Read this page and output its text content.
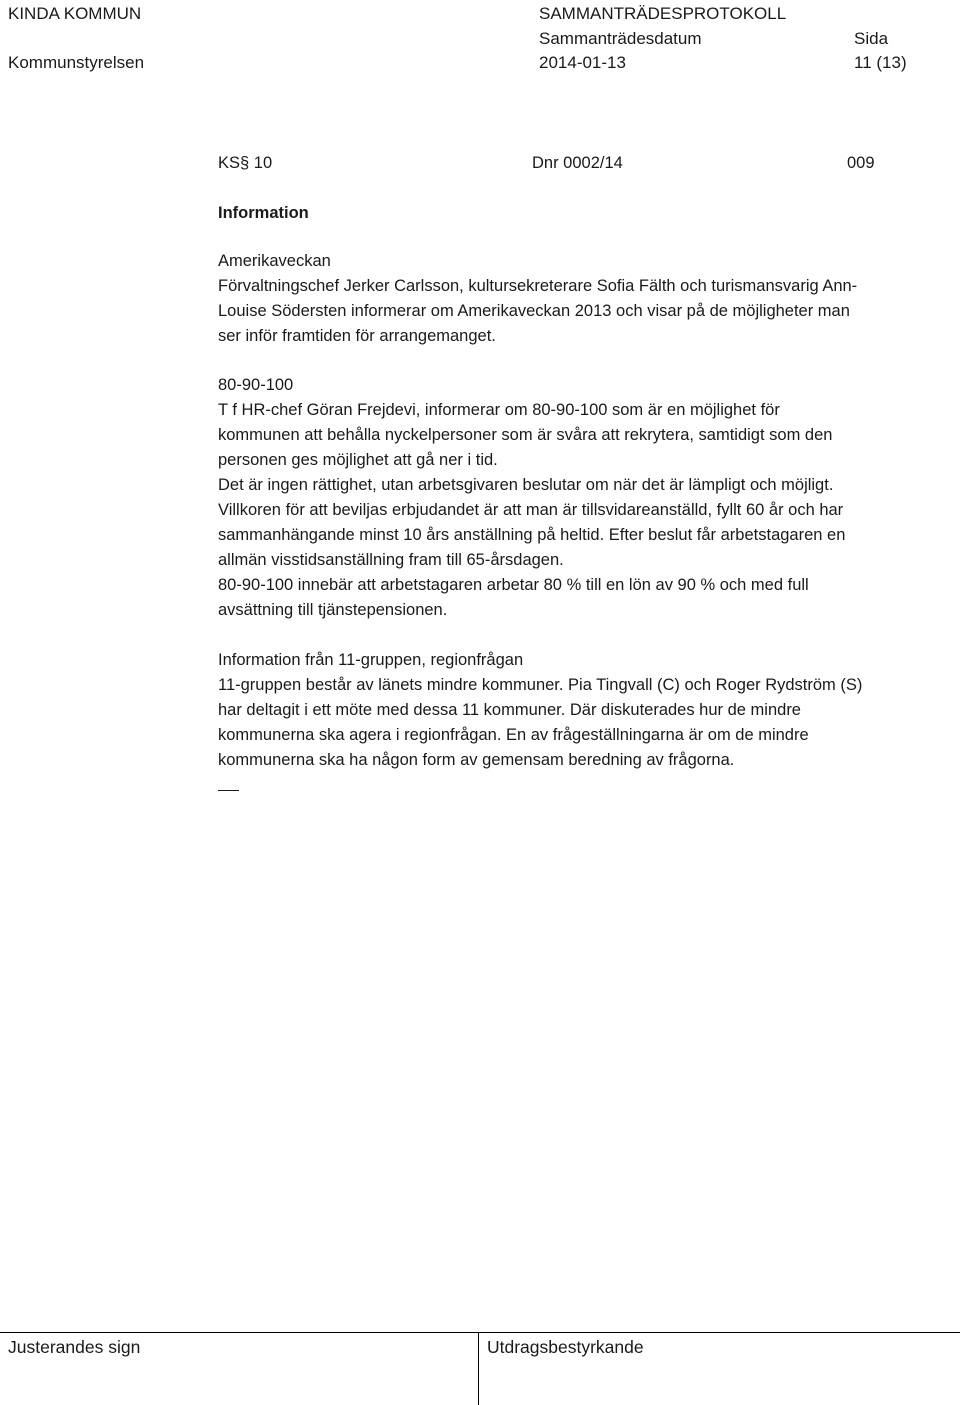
KINDA KOMMUN
Kommunstyrelsen
SAMMANTRÄDESPROTOKOLL
Sammanträdesdatum
2014-01-13
Sida
11 (13)
KS§ 10	Dnr 0002/14	009
Information
Amerikaveckan
Förvaltningschef Jerker Carlsson, kultursekreterare Sofia Fälth och turismansvarig Ann-
Louise Södersten informerar om Amerikaveckan 2013 och visar på de möjligheter man
ser inför framtiden för arrangemanget.
80-90-100
T f HR-chef Göran Frejdevi, informerar om 80-90-100 som är en möjlighet för
kommunen att behålla nyckelpersoner som är svåra att rekrytera, samtidigt som den
personen ges möjlighet att gå ner i tid.
Det är ingen rättighet, utan arbetsgivaren beslutar om när det är lämpligt och möjligt.
Villkoren för att beviljas erbjudandet är att man är tillsvidareanställd, fyllt 60 år och har
sammanhängande minst 10 års anställning på heltid. Efter beslut får arbetstagaren en
allmän visstidsanställning fram till 65-årsdagen.
80-90-100 innebär att arbetstagaren arbetar 80 % till en lön av 90 % och med full
avsättning till tjänstepensionen.
Information från 11-gruppen, regionfrågan
11-gruppen består av länets mindre kommuner. Pia Tingvall (C) och Roger Rydström (S)
har deltagit i ett möte med dessa 11 kommuner. Där diskuterades hur de mindre
kommunerna ska agera i regionfrågan. En av frågeställningarna är om de mindre
kommunerna ska ha någon form av gemensam beredning av frågorna.
Justerandes sign	Utdragsbestyrkande
